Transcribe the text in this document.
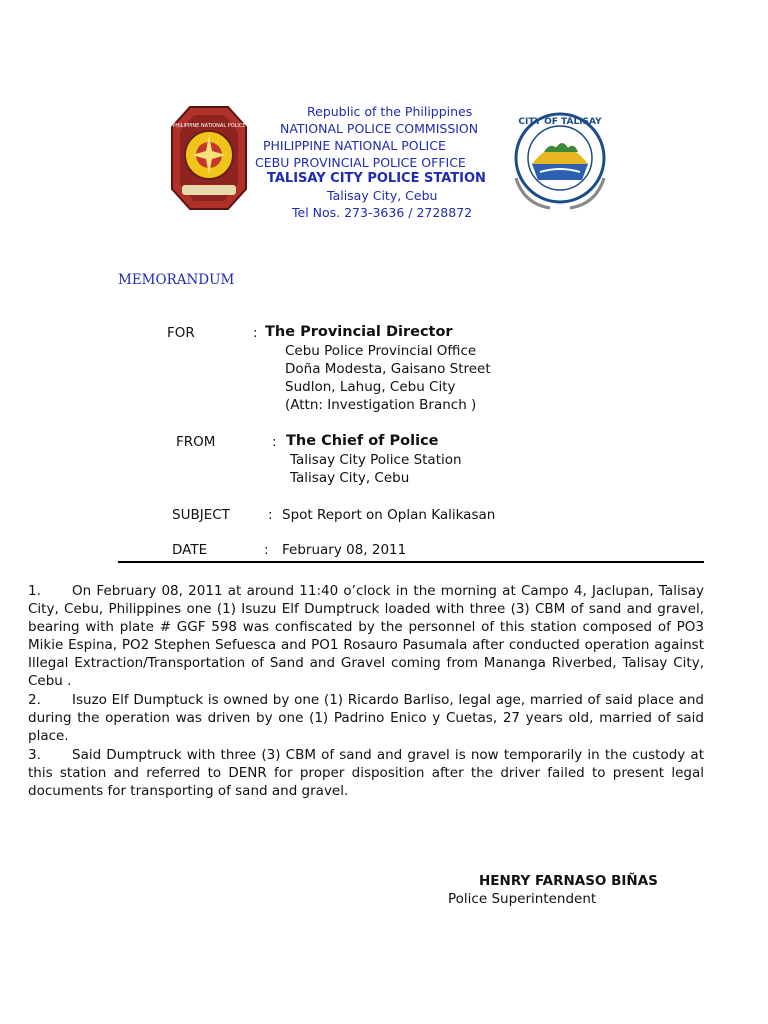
PHILIPPINE NATIONAL POLICE
Republic of the Philippines
NATIONAL POLICE COMMISSION
PHILIPPINE NATIONAL POLICE
CEBU PROVINCIAL POLICE OFFICE
TALISAY CITY POLICE STATION
Talisay City, Cebu
Tel Nos. 273-3636 / 2728872
CITY OF TALISAY
MEMORANDUM
FOR	: The Provincial Director
Cebu Police Provincial Office
Doña Modesta, Gaisano Street
Sudlon, Lahug, Cebu City
(Attn: Investigation Branch )
FROM	: The Chief of Police
Talisay City Police Station
Talisay City, Cebu
SUBJECT	: Spot Report on Oplan Kalikasan
DATE	: February 08, 2011
1. On February 08, 2011 at around 11:40 o’clock in the morning at Campo 4, Jaclupan, Talisay City, Cebu, Philippines one (1) Isuzu Elf Dumptruck loaded with three (3) CBM of sand and gravel, bearing with plate # GGF 598 was confiscated by the personnel of this station composed of PO3 Mikie Espina, PO2 Stephen Sefuesca and PO1 Rosauro Pasumala after conducted operation against Illegal Extraction/Transportation of Sand and Gravel coming from Mananga Riverbed, Talisay City, Cebu .
2. Isuzo Elf Dumptuck is owned by one (1) Ricardo Barliso, legal age, married of said place and during the operation was driven by one (1) Padrino Enico y Cuetas, 27 years old, married of said place.
3. Said Dumptruck with three (3) CBM of sand and gravel is now temporarily in the custody at this station and referred to DENR for proper disposition after the driver failed to present legal documents for transporting of sand and gravel.
HENRY FARNASO BIÑAS
Police Superintendent
